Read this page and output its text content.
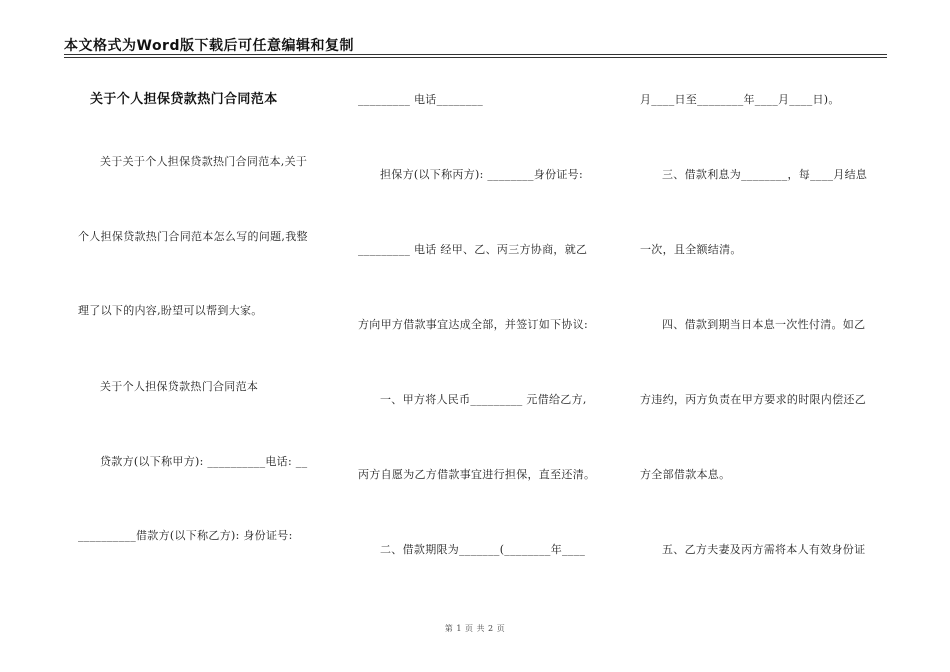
本文格式为Word版下载后可任意编辑和复制
关于个人担保贷款热门合同范本
关于关于个人担保贷款热门合同范本,关于
个人担保贷款热门合同范本怎么写的问题,我整
理了以下的内容,盼望可以帮到大家。
关于个人担保贷款热门合同范本
贷款方(以下称甲方): __________电话: __
__________借款方(以下称乙方): 身份证号:
_________ 电话________
担保方(以下称丙方): ________身份证号:
_________ 电话 经甲、乙、丙三方协商，就乙
方向甲方借款事宜达成全部，并签订如下协议:
一、甲方将人民币_________ 元借给乙方,
丙方自愿为乙方借款事宜进行担保，直至还清。
二、借款期限为_______(________年____
月____日至________年____月____日)。
三、借款利息为________，每____月结息
一次，且全额结清。
四、借款到期当日本息一次性付清。如乙
方违约，丙方负责在甲方要求的时限内偿还乙
方全部借款本息。
五、乙方夫妻及丙方需将本人有效身份证
第 1 页 共 2 页
